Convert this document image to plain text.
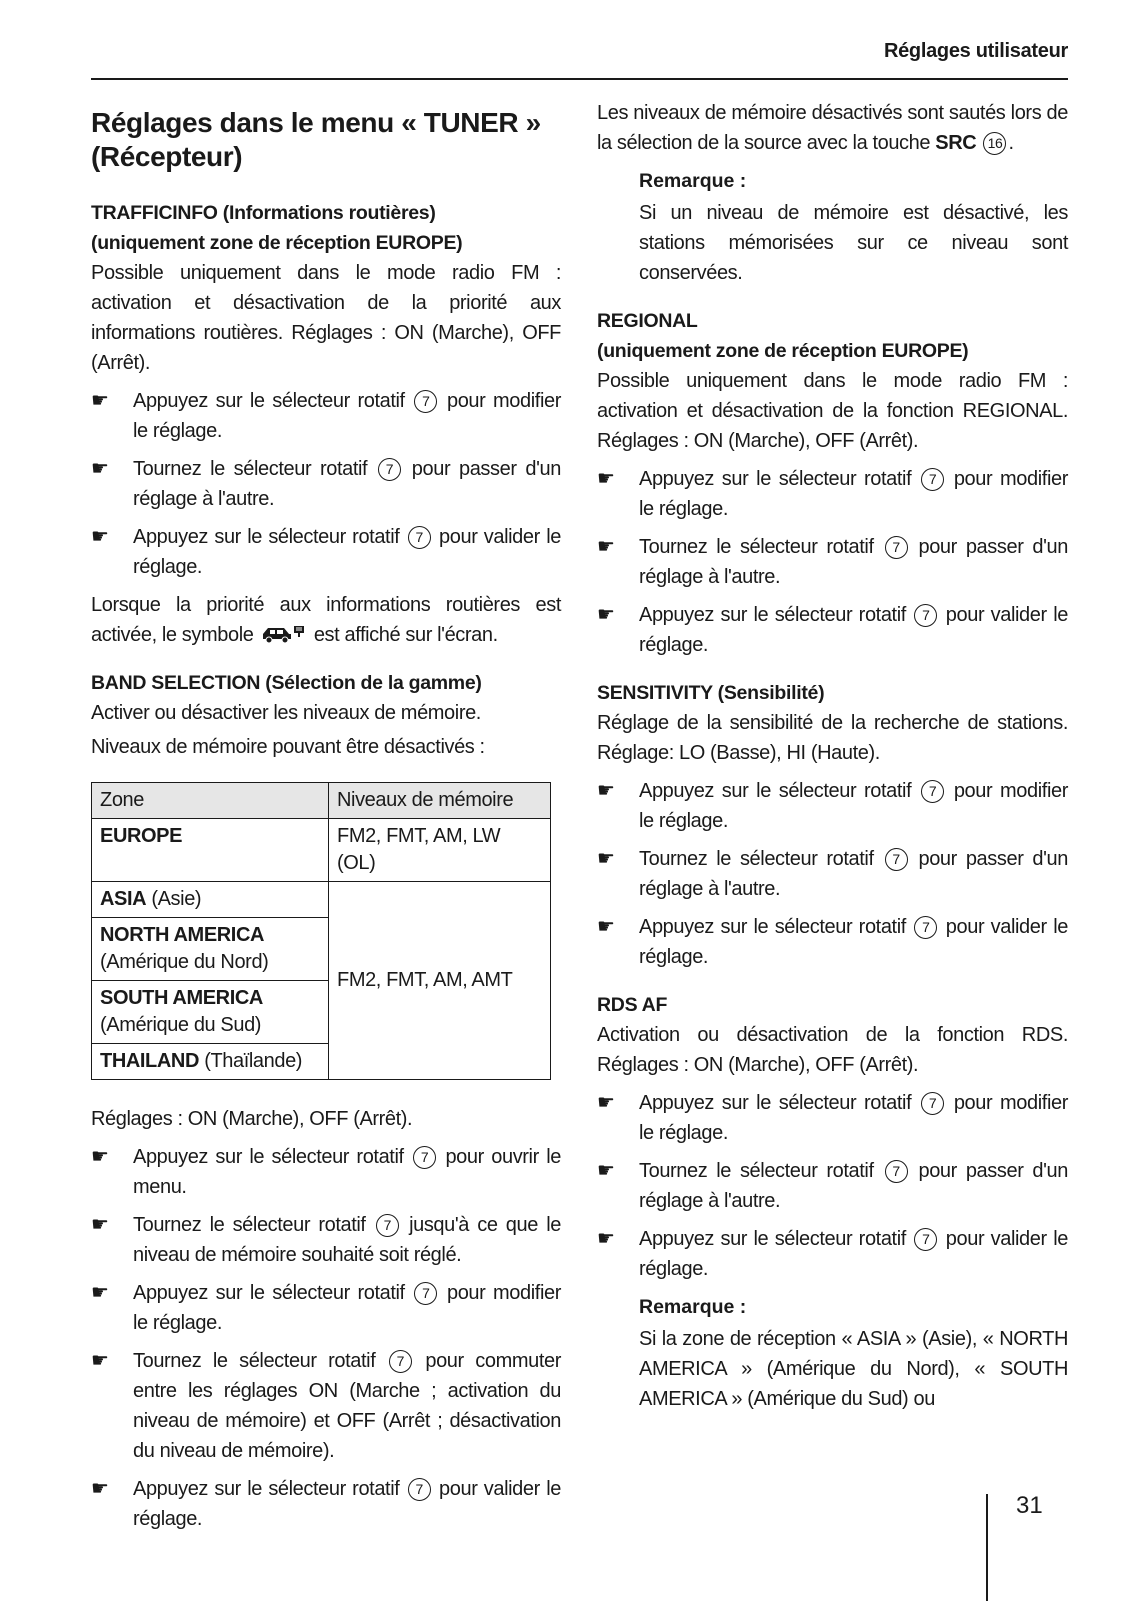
Réglages utilisateur
Réglages dans le menu « TUNER »
(Récepteur)
TRAFFICINFO (Informations routières)
(uniquement zone de réception EUROPE)

Possible uniquement dans le mode radio FM : activation et désactivation de la priorité aux informations routières. Réglages : ON (Marche), OFF (Arrêt).

☛	Appuyez sur le sélecteur rotatif 7 pour modifier le réglage.
☛	Tournez le sélecteur rotatif 7 pour passer d'un réglage à l'autre.
☛	Appuyez sur le sélecteur rotatif 7 pour valider le réglage.

Lorsque la priorité aux informations routières est activée, le symbole	est affiché sur l'écran.

BAND SELECTION (Sélection de la gamme)

Activer ou désactiver les niveaux de mémoire.

Niveaux de mémoire pouvant être désactivés :

Zone	Niveaux de mémoire
EUROPE	FM2, FMT, AM, LW (OL)
ASIA (Asie)	FM2, FMT, AM, AMT
NORTH AMERICA
(Amérique du Nord)	
SOUTH AMERICA
(Amérique du Sud)	
THAILAND (Thaïlande)	

Réglages : ON (Marche), OFF (Arrêt).

☛	Appuyez sur le sélecteur rotatif 7 pour ouvrir le menu.
☛	Tournez le sélecteur rotatif 7 jusqu'à ce que le niveau de mémoire souhaité soit réglé.
☛	Appuyez sur le sélecteur rotatif 7 pour modifier le réglage.
☛	Tournez le sélecteur rotatif 7 pour commuter entre les réglages ON (Marche ; activation du niveau de mémoire) et OFF (Arrêt ; désactivation du niveau de mémoire).
☛	Appuyez sur le sélecteur rotatif 7 pour valider le réglage.

Les niveaux de mémoire désactivés sont sautés lors de la sélection de la source avec la touche SRC 16 .

Remarque :

Si un niveau de mémoire est désactivé, les stations mémorisées sur ce niveau sont conservées.

REGIONAL
(uniquement zone de réception EUROPE)

Possible uniquement dans le mode radio FM : activation et désactivation de la fonction REGIONAL. Réglages : ON (Marche), OFF (Arrêt).

☛	Appuyez sur le sélecteur rotatif 7 pour modifier le réglage.
☛	Tournez le sélecteur rotatif 7 pour passer d'un réglage à l'autre.
☛	Appuyez sur le sélecteur rotatif 7 pour valider le réglage.
SENSITIVITY (Sensibilité)

Réglage de la sensibilité de la recherche de stations. Réglage: LO (Basse), HI (Haute).

☛	Appuyez sur le sélecteur rotatif 7 pour modifier le réglage.
☛	Tournez le sélecteur rotatif 7 pour passer d'un réglage à l'autre.
☛	Appuyez sur le sélecteur rotatif 7 pour valider le réglage.
RDS AF

Activation ou désactivation de la fonction RDS. Réglages : ON (Marche), OFF (Arrêt).

☛	Appuyez sur le sélecteur rotatif 7 pour modifier le réglage.
☛	Tournez le sélecteur rotatif 7 pour passer d'un réglage à l'autre.
☛	Appuyez sur le sélecteur rotatif 7 pour valider le réglage.
Remarque :

Si la zone de réception « ASIA » (Asie), « NORTH AMERICA » (Amérique du Nord), « SOUTH AMERICA » (Amérique du Sud) ou

31
